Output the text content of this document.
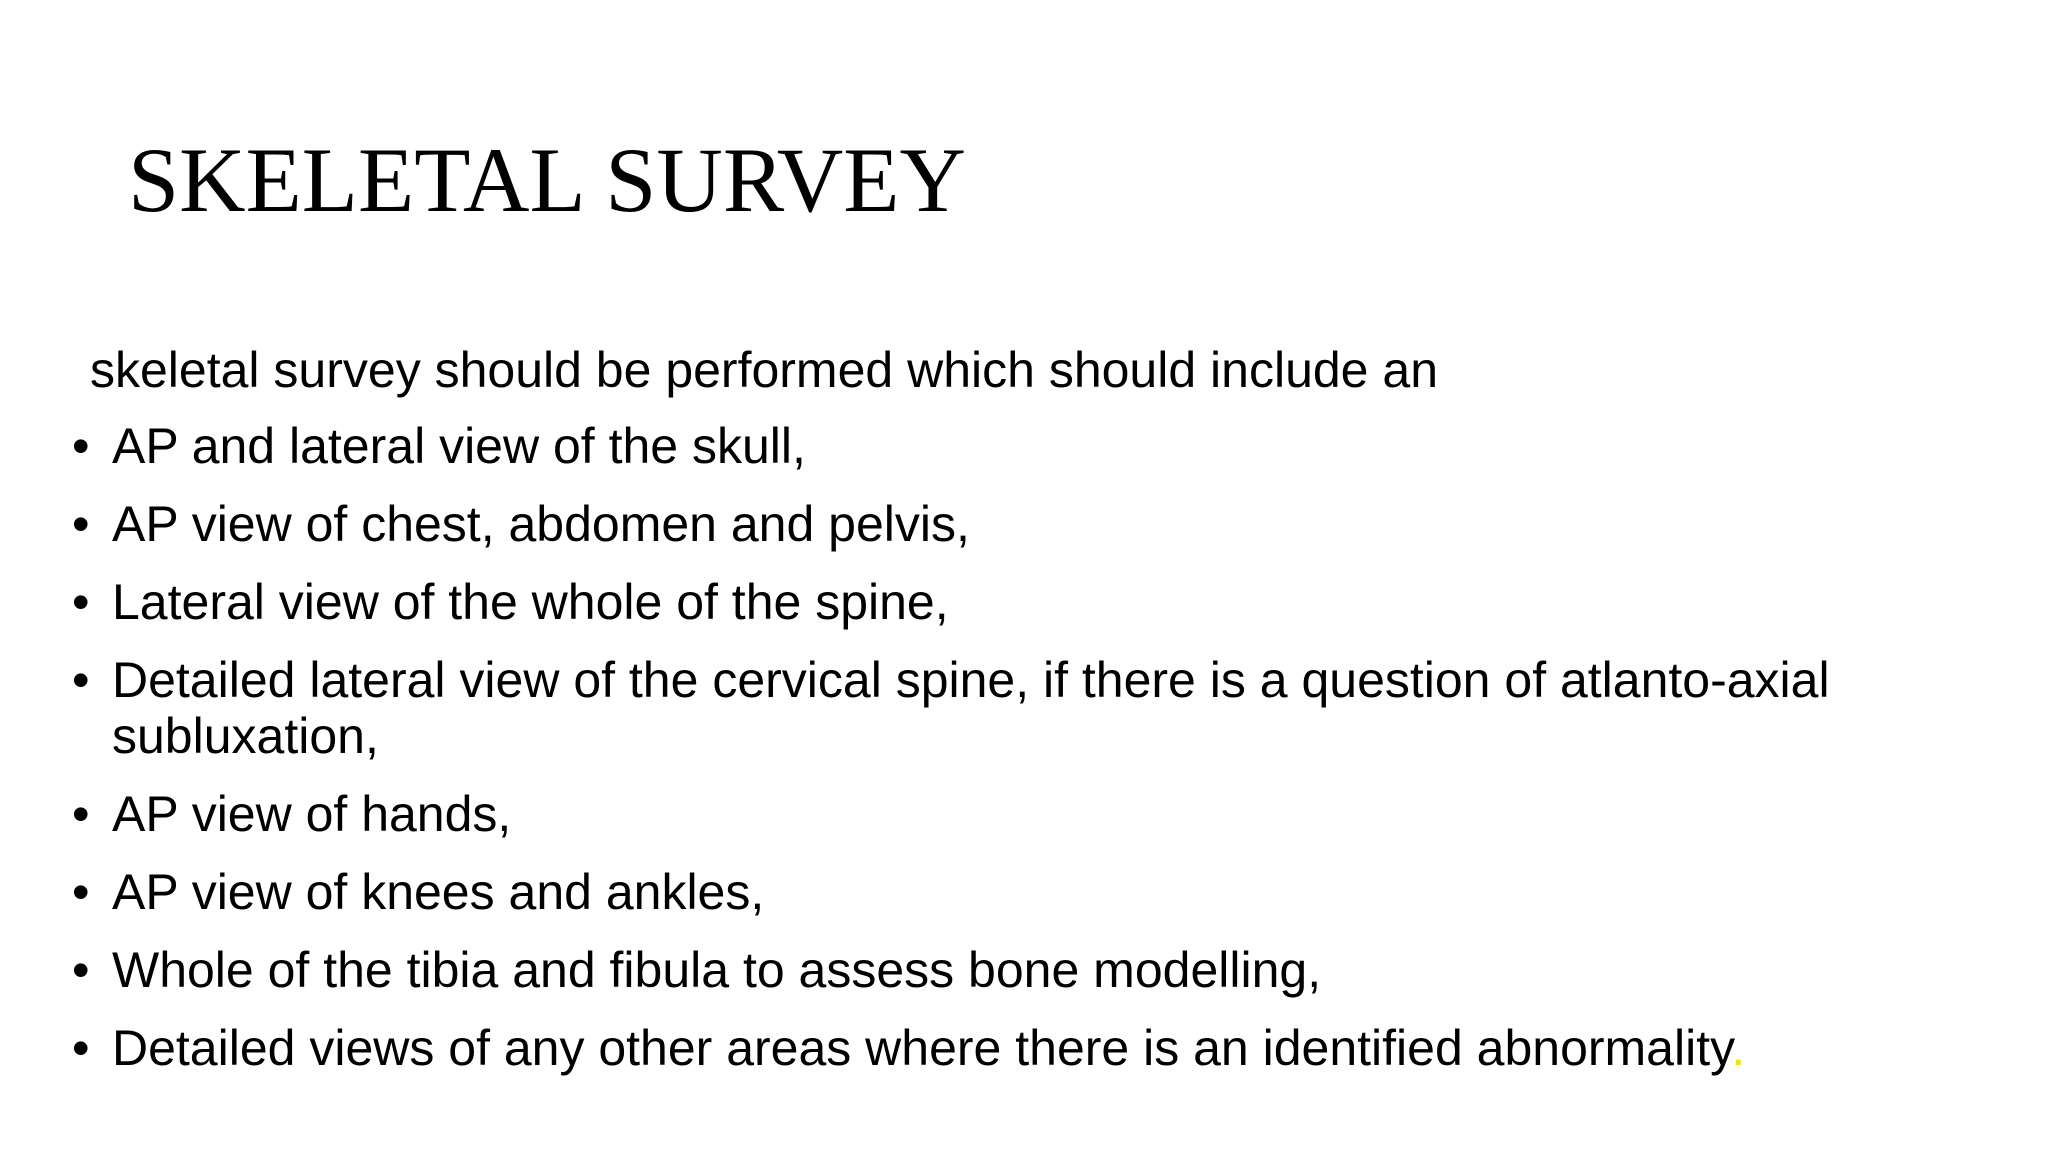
SKELETAL SURVEY

skeletal survey should be performed which should include an

• AP and lateral view of the skull,
• AP view of chest, abdomen and pelvis,
• Lateral view of the whole of the spine,
• Detailed lateral view of the cervical spine, if there is a question of atlanto-axial subluxation,
• AP view of hands,
• AP view of knees and ankles,
• Whole of the tibia and fibula to assess bone modelling,
• Detailed views of any other areas where there is an identified abnormality.
